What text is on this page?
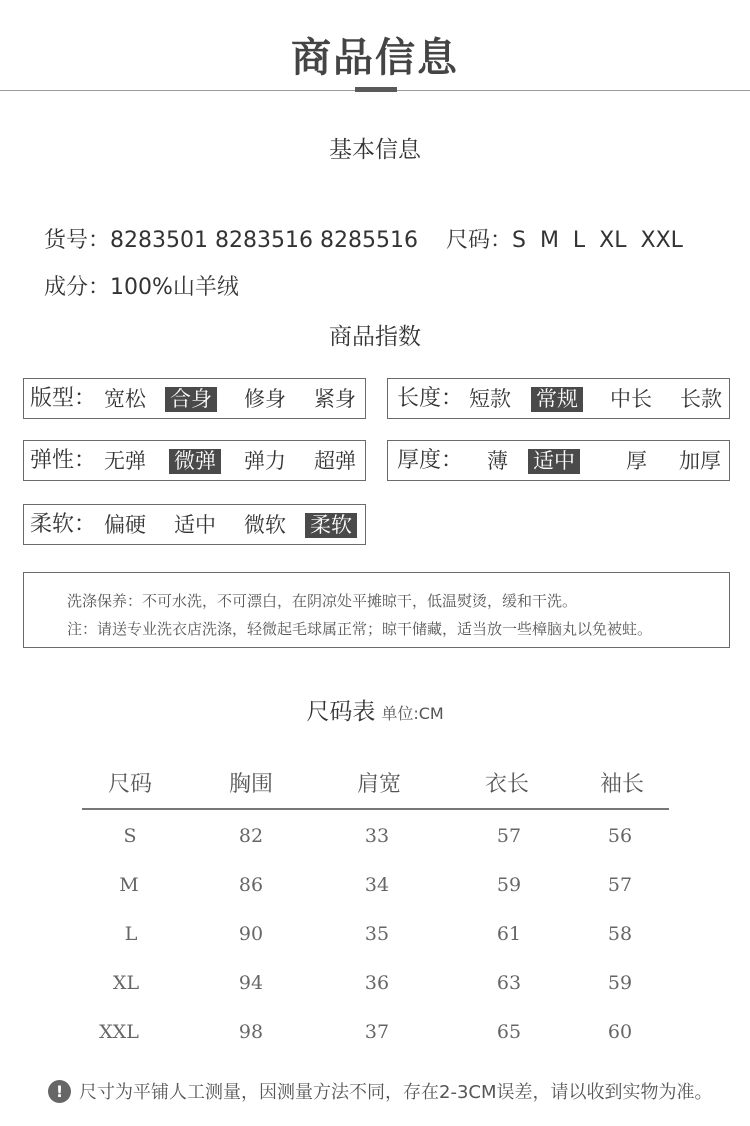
商品信息
基本信息

货号：8283501 8283516 8285516	尺码：S  M  L  XL  XXL

成分：100%山羊绒

商品指数
版型： 宽松 合身 修身 紧身 长度： 短款 常规 中长 长款
弹性： 无弹 微弹 弹力 超弹 厚度： 薄 适中 厚 加厚
柔软： 偏硬 适中 微软 柔软
洗涤保养：不可水洗，不可漂白，在阴凉处平摊晾干，低温熨烫，缓和干洗。
注：请送专业洗衣店洗涤，轻微起毛球属正常；晾干储藏，适当放一些樟脑丸以免被蛀。
尺码表 单位:CM
尺码	胸围	肩宽	衣长	袖长
S	82	33	57	56
M	86	34	59	57
L	90	35	61	58
XL	94	36	63	59
XXL	98	37	65	60
! 尺寸为平铺人工测量，因测量方法不同，存在2-3CM误差，请以收到实物为准。
